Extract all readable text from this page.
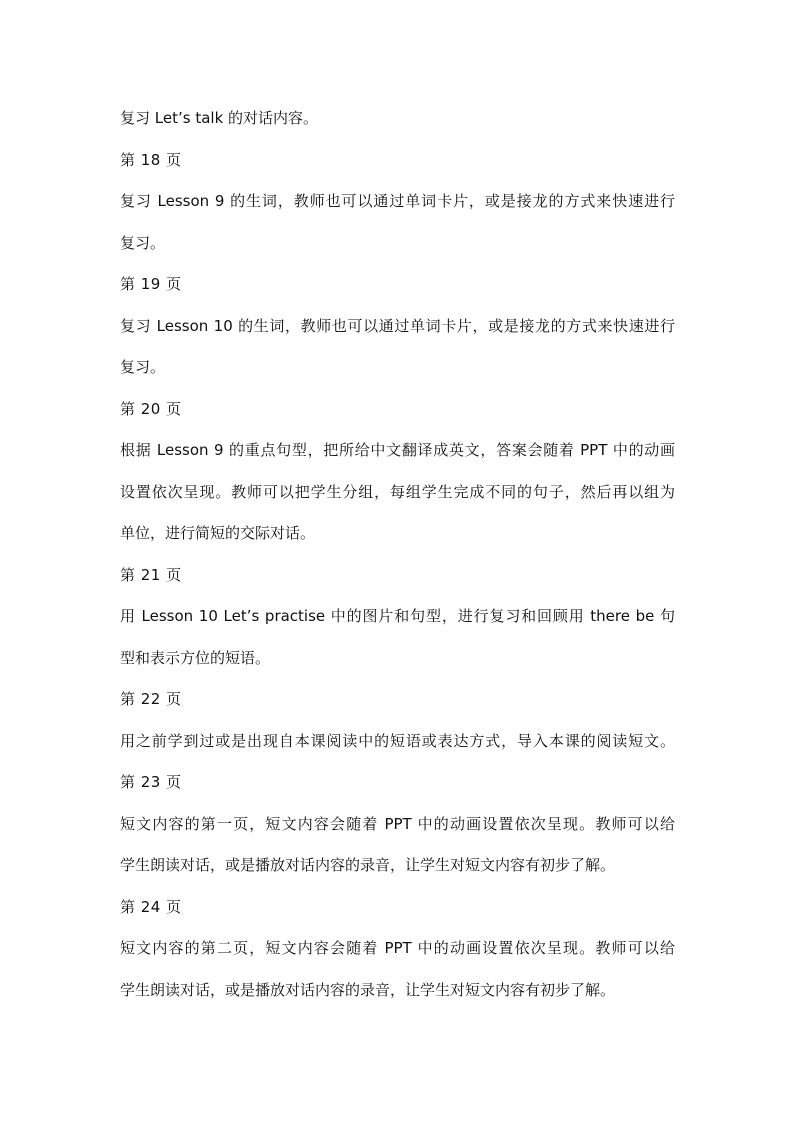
复习 Let’s talk 的对话内容。
第 18 页
复习 Lesson 9 的生词，教师也可以通过单词卡片，或是接龙的方式来快速进行
复习。
第 19 页
复习 Lesson 10 的生词，教师也可以通过单词卡片，或是接龙的方式来快速进行
复习。
第 20 页
根据 Lesson 9 的重点句型，把所给中文翻译成英文，答案会随着 PPT 中的动画
设置依次呈现。教师可以把学生分组，每组学生完成不同的句子，然后再以组为
单位，进行简短的交际对话。
第 21 页
用 Lesson 10 Let’s practise 中的图片和句型，进行复习和回顾用 there be 句
型和表示方位的短语。
第 22 页
用之前学到过或是出现自本课阅读中的短语或表达方式，导入本课的阅读短文。
第 23 页
短文内容的第一页，短文内容会随着 PPT 中的动画设置依次呈现。教师可以给
学生朗读对话，或是播放对话内容的录音，让学生对短文内容有初步了解。
第 24 页
短文内容的第二页，短文内容会随着 PPT 中的动画设置依次呈现。教师可以给
学生朗读对话，或是播放对话内容的录音，让学生对短文内容有初步了解。
